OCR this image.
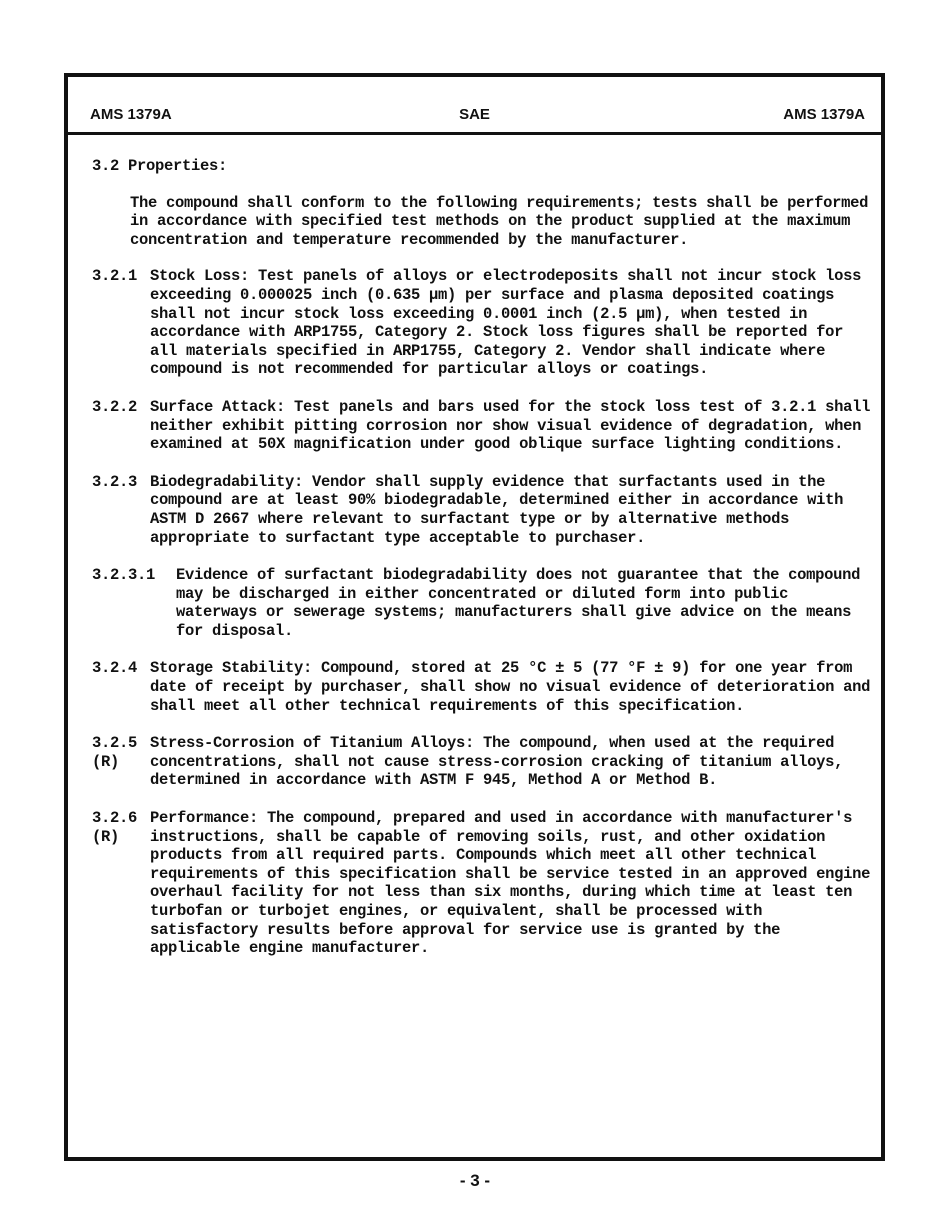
AMS 1379A	SAE	AMS 1379A
3.2 Properties:
The compound shall conform to the following requirements; tests shall be performed in accordance with specified test methods on the product supplied at the maximum concentration and temperature recommended by the manufacturer.
3.2.1 Stock Loss: Test panels of alloys or electrodeposits shall not incur stock loss exceeding 0.000025 inch (0.635 µm) per surface and plasma deposited coatings shall not incur stock loss exceeding 0.0001 inch (2.5 µm), when tested in accordance with ARP1755, Category 2. Stock loss figures shall be reported for all materials specified in ARP1755, Category 2. Vendor shall indicate where compound is not recommended for particular alloys or coatings.
3.2.2 Surface Attack: Test panels and bars used for the stock loss test of 3.2.1 shall neither exhibit pitting corrosion nor show visual evidence of degradation, when examined at 50X magnification under good oblique surface lighting conditions.
3.2.3 Biodegradability: Vendor shall supply evidence that surfactants used in the compound are at least 90% biodegradable, determined either in accordance with ASTM D 2667 where relevant to surfactant type or by alternative methods appropriate to surfactant type acceptable to purchaser.
3.2.3.1	Evidence of surfactant biodegradability does not guarantee that the compound may be discharged in either concentrated or diluted form into public waterways or sewerage systems; manufacturers shall give advice on the means for disposal.
3.2.4 Storage Stability: Compound, stored at 25 °C ± 5 (77 °F ± 9) for one year from date of receipt by purchaser, shall show no visual evidence of deterioration and shall meet all other technical requirements of this specification.
3.2.5
(R)
Stress-Corrosion of Titanium Alloys: The compound, when used at the required concentrations, shall not cause stress-corrosion cracking of titanium alloys, determined in accordance with ASTM F 945, Method A or Method B.
3.2.6
(R)
Performance: The compound, prepared and used in accordance with manufacturer's instructions, shall be capable of removing soils, rust, and other oxidation products from all required parts. Compounds which meet all other technical requirements of this specification shall be service tested in an approved engine overhaul facility for not less than six months, during which time at least ten turbofan or turbojet engines, or equivalent, shall be processed with satisfactory results before approval for service use is granted by the applicable engine manufacturer.
- 3 -
